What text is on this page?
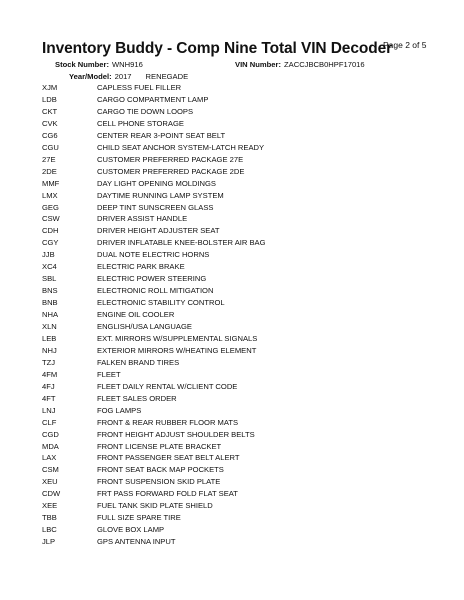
Inventory Buddy - Comp Nine Total VIN Decoder
Page 2 of 5
Stock Number: WNH916	VIN Number: ZACCJBCB0HPF17016
Year/Model: 2017 RENEGADE
XJM	CAPLESS FUEL FILLER
LDB	CARGO COMPARTMENT LAMP
CKT	CARGO TIE DOWN LOOPS
CVK	CELL PHONE STORAGE
CG6	CENTER REAR 3-POINT SEAT BELT
CGU	CHILD SEAT ANCHOR SYSTEM-LATCH READY
27E	CUSTOMER PREFERRED PACKAGE 27E
2DE	CUSTOMER PREFERRED PACKAGE 2DE
MMF	DAY LIGHT OPENING MOLDINGS
LMX	DAYTIME RUNNING LAMP SYSTEM
GEG	DEEP TINT SUNSCREEN GLASS
CSW	DRIVER ASSIST HANDLE
CDH	DRIVER HEIGHT ADJUSTER SEAT
CGY	DRIVER INFLATABLE KNEE-BOLSTER AIR BAG
JJB	DUAL NOTE ELECTRIC HORNS
XC4	ELECTRIC PARK BRAKE
SBL	ELECTRIC POWER STEERING
BNS	ELECTRONIC ROLL MITIGATION
BNB	ELECTRONIC STABILITY CONTROL
NHA	ENGINE OIL COOLER
XLN	ENGLISH/USA LANGUAGE
LEB	EXT. MIRRORS W/SUPPLEMENTAL SIGNALS
NHJ	EXTERIOR MIRRORS W/HEATING ELEMENT
TZJ	FALKEN BRAND TIRES
4FM	FLEET
4FJ	FLEET DAILY RENTAL W/CLIENT CODE
4FT	FLEET SALES ORDER
LNJ	FOG LAMPS
CLF	FRONT & REAR RUBBER FLOOR MATS
CGD	FRONT HEIGHT ADJUST SHOULDER BELTS
MDA	FRONT LICENSE PLATE BRACKET
LAX	FRONT PASSENGER SEAT BELT ALERT
CSM	FRONT SEAT BACK MAP POCKETS
XEU	FRONT SUSPENSION SKID PLATE
CDW	FRT PASS FORWARD FOLD FLAT SEAT
XEE	FUEL TANK SKID PLATE SHIELD
TBB	FULL SIZE SPARE TIRE
LBC	GLOVE BOX LAMP
JLP	GPS ANTENNA INPUT
